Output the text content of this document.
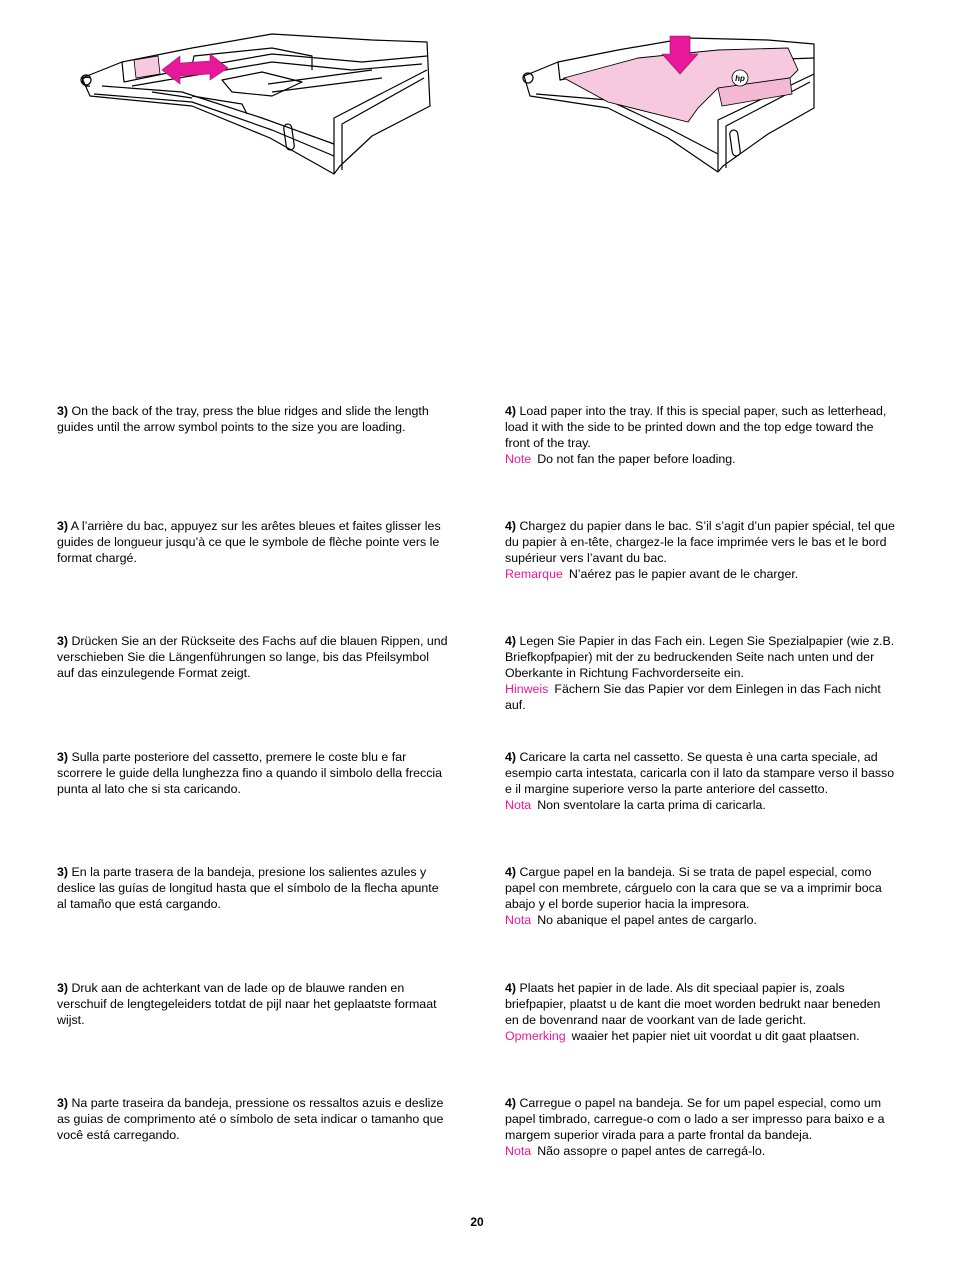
hp

3) On the back of the tray, press the blue ridges and slide the length guides until the arrow symbol points to the size you are loading.

4) Load paper into the tray. If this is special paper, such as letterhead, load it with the side to be printed down and the top edge toward the front of the tray.

Note Do not fan the paper before loading.

3) A l’arrière du bac, appuyez sur les arêtes bleues et faites glisser les guides de longueur jusqu’à ce que le symbole de flèche pointe vers le format chargé.

4) Chargez du papier dans le bac. S’il s’agit d’un papier spécial, tel que du papier à en-tête, chargez-le la face imprimée vers le bas et le bord supérieur vers l’avant du bac.

Remarque N’aérez pas le papier avant de le charger.

3) Drücken Sie an der Rückseite des Fachs auf die blauen Rippen, und verschieben Sie die Längenführungen so lange, bis das Pfeilsymbol auf das einzulegende Format zeigt.

4) Legen Sie Papier in das Fach ein. Legen Sie Spezialpapier (wie z.B. Briefkopfpapier) mit der zu bedruckenden Seite nach unten und der Oberkante in Richtung Fachvorderseite ein.

Hinweis Fächern Sie das Papier vor dem Einlegen in das Fach nicht auf.

3) Sulla parte posteriore del cassetto, premere le coste blu e far scorrere le guide della lunghezza fino a quando il simbolo della freccia punta al lato che si sta caricando.

4) Caricare la carta nel cassetto. Se questa è una carta speciale, ad esempio carta intestata, caricarla con il lato da stampare verso il basso e il margine superiore verso la parte anteriore del cassetto.

Nota Non sventolare la carta prima di caricarla.

3) En la parte trasera de la bandeja, presione los salientes azules y deslice las guías de longitud hasta que el símbolo de la flecha apunte al tamaño que está cargando.

4) Cargue papel en la bandeja. Si se trata de papel especial, como papel con membrete, cárguelo con la cara que se va a imprimir boca abajo y el borde superior hacia la impresora.

Nota No abanique el papel antes de cargarlo.

3) Druk aan de achterkant van de lade op de blauwe randen en verschuif de lengtegeleiders totdat de pijl naar het geplaatste formaat wijst.

4) Plaats het papier in de lade. Als dit speciaal papier is, zoals briefpapier, plaatst u de kant die moet worden bedrukt naar beneden en de bovenrand naar de voorkant van de lade gericht.

Opmerking waaier het papier niet uit voordat u dit gaat plaatsen.

3) Na parte traseira da bandeja, pressione os ressaltos azuis e deslize as guias de comprimento até o símbolo de seta indicar o tamanho que você está carregando.

4) Carregue o papel na bandeja. Se for um papel especial, como um papel timbrado, carregue-o com o lado a ser impresso para baixo e a margem superior virada para a parte frontal da bandeja.

Nota Não assopre o papel antes de carregá-lo.

20
